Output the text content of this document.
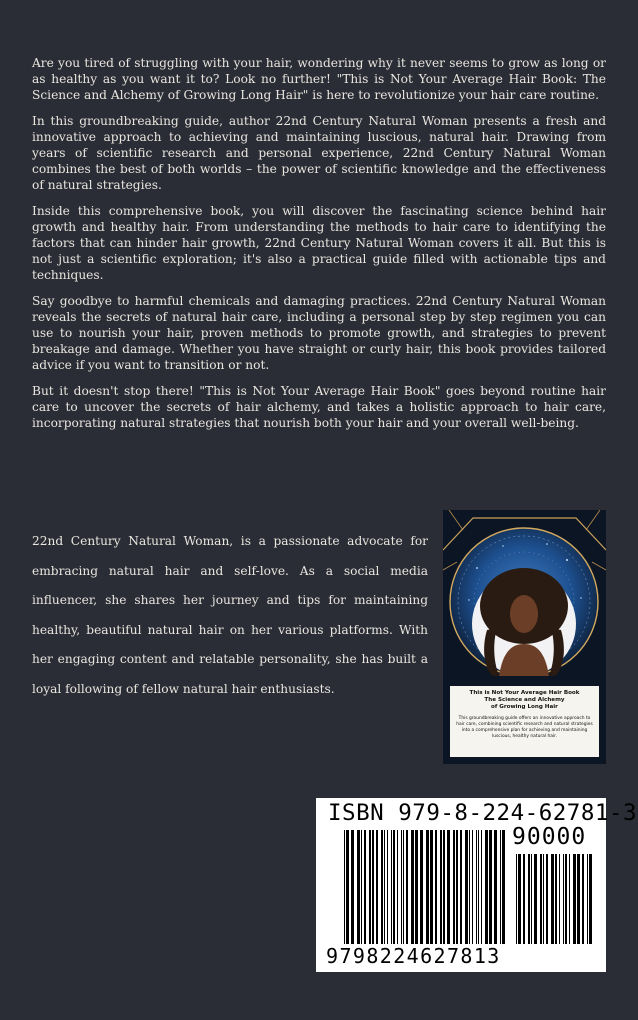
Are you tired of struggling with your hair, wondering why it never seems to grow as long or as healthy as you want it to? Look no further! "This is Not Your Average Hair Book: The Science and Alchemy of Growing Long Hair" is here to revolutionize your hair care routine.

In this groundbreaking guide, author 22nd Century Natural Woman presents a fresh and innovative approach to achieving and maintaining luscious, natural hair. Drawing from years of scientific research and personal experience, 22nd Century Natural Woman combines the best of both worlds – the power of scientific knowledge and the effectiveness of natural strategies.

Inside this comprehensive book, you will discover the fascinating science behind hair growth and healthy hair. From understanding the methods to hair care to identifying the factors that can hinder hair growth, 22nd Century Natural Woman covers it all. But this is not just a scientific exploration; it's also a practical guide filled with actionable tips and techniques.

Say goodbye to harmful chemicals and damaging practices. 22nd Century Natural Woman reveals the secrets of natural hair care, including a personal step by step regimen you can use to nourish your hair, proven methods to promote growth, and strategies to prevent breakage and damage. Whether you have straight or curly hair, this book provides tailored advice if you want to transition or not.

But it doesn't stop there! "This is Not Your Average Hair Book" goes beyond routine hair care to uncover the secrets of hair alchemy, and takes a holistic approach to hair care, incorporating natural strategies that nourish both your hair and your overall well-being.

22nd Century Natural Woman, is a passionate advocate for embracing natural hair and self-love. As a social media influencer, she shares her journey and tips for maintaining healthy, beautiful natural hair on her various platforms. With her engaging content and relatable personality, she has built a loyal following of fellow natural hair enthusiasts.	This is Not Your Average Hair Book
The Science and Alchemy
of Growing Long Hair
This groundbreaking guide offers an innovative approach to hair care, combining scientific research and natural strategies into a comprehensive plan for achieving and maintaining luscious, healthy natural hair.
ISBN 979-8-224-62781-3
90000
9798224627813
